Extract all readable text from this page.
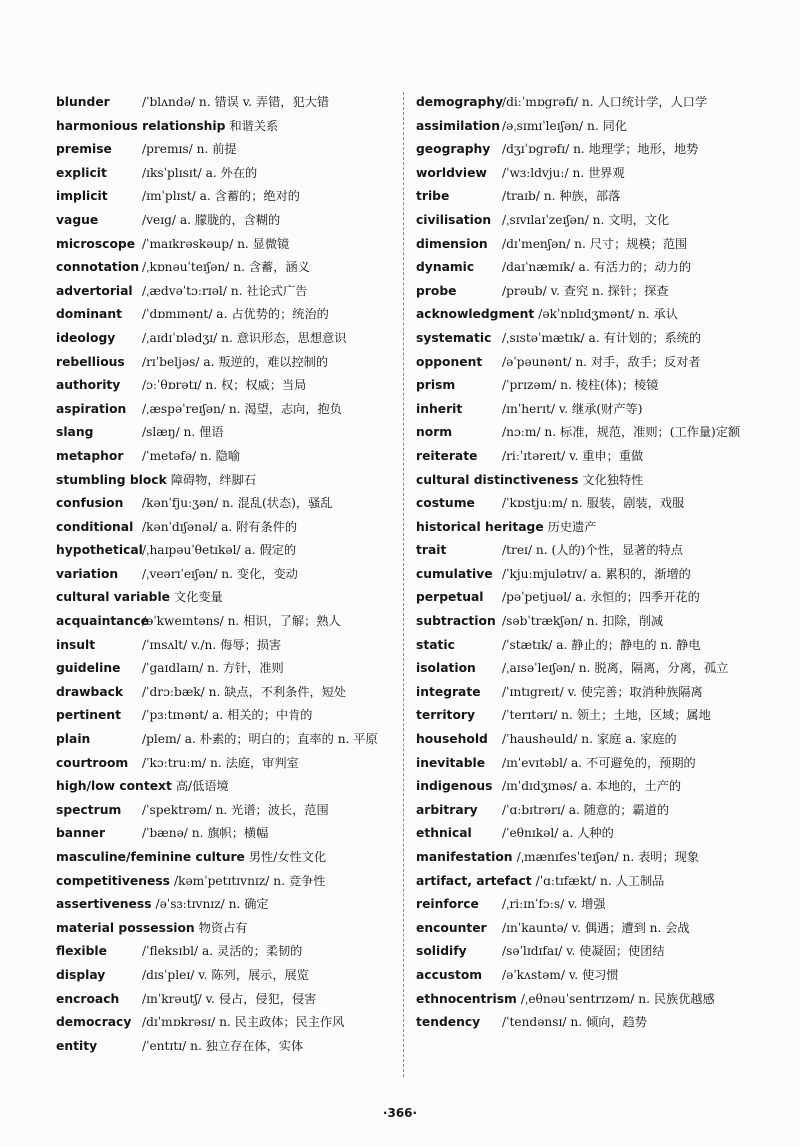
blunder	/ˈblʌndə/ n. 错误 v. 弄错，犯大错
harmonious relationship 和谐关系
premise /premɪs/ n. 前提
explicit	/ɪksˈplɪsɪt/ a. 外在的
implicit	/ɪmˈplɪst/ a. 含蓄的；绝对的
vague	/veɪg/ a. 朦胧的，含糊的
microscope /ˈmaɪkrəskəup/ n. 显微镜
connotation /ˌkɒnəuˈteɪʃən/ n. 含蓄，涵义
advertorial /ˌædvəˈtɔːrɪəl/ n. 社论式广告
dominant /ˈdɒmɪnənt/ a. 占优势的；统治的
ideology /ˌaɪdɪˈɒlədʒɪ/ n. 意识形态，思想意识
rebellious /rɪˈbeljəs/ a. 叛逆的，难以控制的
authority /ɔːˈθɒrətɪ/ n. 权；权威；当局
aspiration /ˌæspəˈreɪʃən/ n. 渴望，志向，抱负
slang	/slæŋ/ n. 俚语
metaphor /ˈmetəfə/ n. 隐喻
stumbling block 障碍物，绊脚石
confusion /kənˈfjuːʒən/ n. 混乱(状态)，骚乱
conditional /kənˈdɪʃənəl/ a. 附有条件的
hypothetical/ˌhaɪpəuˈθetɪkəl/ a. 假定的
variation /ˌveərɪˈeɪʃən/ n. 变化，变动
cultural variable 文化变量
acquaintance/əˈkweɪntəns/ n. 相识，了解；熟人
insult	/ˈɪnsʌlt/ v./n. 侮辱；损害
guideline /ˈgaɪdlaɪn/ n. 方针，准则
drawback /ˈdrɔːbæk/ n. 缺点，不利条件，短处
pertinent /ˈpɜːtɪnənt/ a. 相关的；中肯的
plain	/pleɪn/ a. 朴素的；明白的；直率的 n. 平原
courtroom /ˈkɔːtruːm/ n. 法庭，审判室
high/low context 高/低语境
spectrum /ˈspektrəm/ n. 光谱；波长，范围
banner	/ˈbænə/ n. 旗帜；横幅
masculine/feminine culture 男性/女性文化
competitiveness /kəmˈpetɪtɪvnɪz/ n. 竞争性
assertiveness /əˈsɜːtɪvnɪz/ n. 确定
material possession 物资占有
flexible	/ˈfleksɪbl/ a. 灵活的；柔韧的
display	/dɪsˈpleɪ/ v. 陈列，展示，展览
encroach /ɪnˈkrəutʃ/ v. 侵占，侵犯，侵害
democracy /dɪˈmɒkrəsɪ/ n. 民主政体；民主作风
entity	/ˈentɪtɪ/ n. 独立存在体，实体
demography/diːˈmɒgrəfɪ/ n. 人口统计学，人口学
assimilation /əˌsɪmɪˈleɪʃən/ n. 同化
geography /dʒɪˈɒgrəfɪ/ n. 地理学；地形，地势
worldview /ˈwɜːldvjuː/ n. 世界观
tribe	/traɪb/ n. 种族，部落
civilisation /ˌsɪvɪlaɪˈzeɪʃən/ n. 文明，文化
dimension /dɪˈmenʃən/ n. 尺寸；规模；范围
dynamic /daɪˈnæmɪk/ a. 有活力的；动力的
probe	/prəub/ v. 查究 n. 探针；探查
acknowledgment /əkˈnɒlɪdʒmənt/ n. 承认
systematic /ˌsɪstəˈmætɪk/ a. 有计划的；系统的
opponent /əˈpəunənt/ n. 对手，敌手；反对者
prism	/ˈprɪzəm/ n. 棱柱(体)；棱镜
inherit	/ɪnˈherɪt/ v. 继承(财产等)
norm	/nɔːm/ n. 标准，规范，准则；(工作量)定额
reiterate /riːˈɪtəreɪt/ v. 重申；重做
cultural distinctiveness 文化独特性
costume /ˈkɒstjuːm/ n. 服装，剧装，戏服
historical heritage 历史遗产
trait	/treɪ/ n. (人的)个性，显著的特点
cumulative /ˈkjuːmjulətɪv/ a. 累积的，渐增的
perpetual /pəˈpetjuəl/ a. 永恒的；四季开花的
subtraction /səbˈtrækʃən/ n. 扣除，削减
static	/ˈstætɪk/ a. 静止的；静电的 n. 静电
isolation /ˌaɪsəˈleɪʃən/ n. 脱离，隔离，分离，孤立
integrate /ˈɪntɪgreɪt/ v. 使完善；取消种族隔离
territory /ˈterɪtərɪ/ n. 领土；土地，区域；属地
household /ˈhaushəuld/ n. 家庭 a. 家庭的
inevitable /ɪnˈevɪtəbl/ a. 不可避免的，预期的
indigenous /ɪnˈdɪdʒɪnəs/ a. 本地的，土产的
arbitrary /ˈɑːbɪtrərɪ/ a. 随意的；霸道的
ethnical /ˈeθnɪkəl/ a. 人种的
manifestation /ˌmænɪfesˈteɪʃən/ n. 表明；现象
artifact, artefact /ˈɑːtɪfækt/ n. 人工制品
reinforce /ˌriːɪnˈfɔːs/ v. 增强
encounter /ɪnˈkauntə/ v. 偶遇；遭到 n. 会战
solidify	/səˈlɪdɪfaɪ/ v. 使凝固；使团结
accustom /əˈkʌstəm/ v. 使习惯
ethnocentrism /ˌeθnəuˈsentrɪzəm/ n. 民族优越感
tendency /ˈtendənsɪ/ n. 倾向，趋势
·366·
